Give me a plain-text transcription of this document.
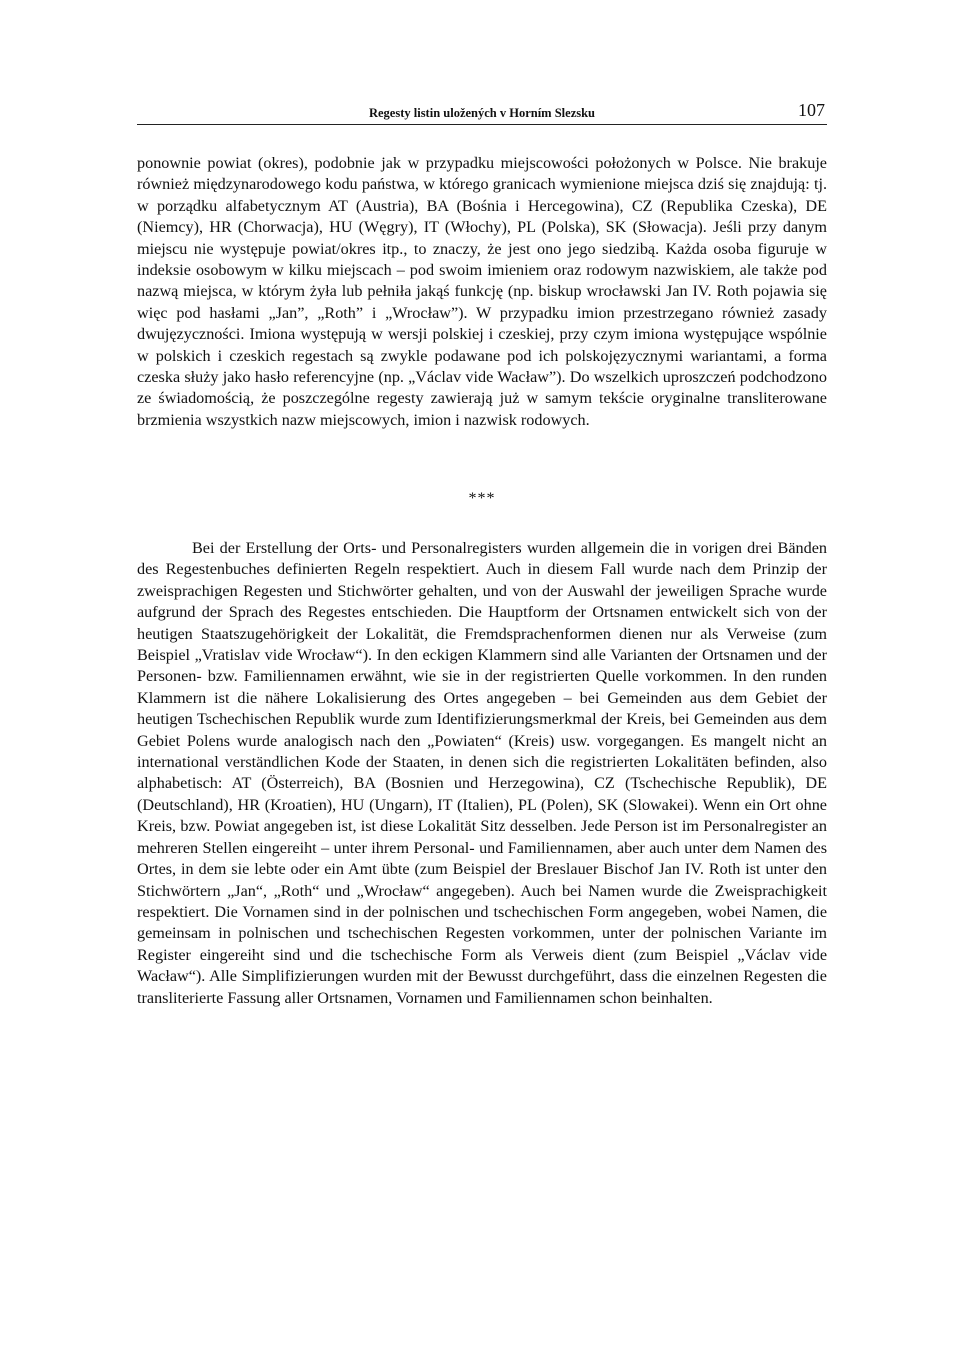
Regesty listin uložených v Horním Slezsku	107

ponownie powiat (okres), podobnie jak w przypadku miejscowości położonych w Polsce. Nie brakuje również międzynarodowego kodu państwa, w którego granicach wymienione miejsca dziś się znajdują: tj. w porządku alfabetycznym AT (Austria), BA (Bośnia i Hercegowina), CZ (Republika Czeska), DE (Niemcy), HR (Chorwacja), HU (Węgry), IT (Włochy), PL (Polska), SK (Słowacja). Jeśli przy danym miejscu nie występuje powiat/okres itp., to znaczy, że jest ono jego siedzibą. Każda osoba figuruje w indeksie osobowym w kilku miejscach – pod swoim imieniem oraz rodowym nazwiskiem, ale także pod nazwą miejsca, w którym żyła lub pełniła jakąś funkcję (np. biskup wrocławski Jan IV. Roth pojawia się więc pod hasłami „Jan”, „Roth” i „Wrocław”). W przypadku imion przestrzegano również zasady dwujęzyczności. Imiona występują w wersji polskiej i czeskiej, przy czym imiona występujące wspólnie w polskich i czeskich regestach są zwykle podawane pod ich polskojęzycznymi wariantami, a forma czeska służy jako hasło referencyjne (np. „Václav vide Wacław”). Do wszelkich uproszczeń podchodzono ze świadomością, że poszczególne regesty zawierają już w samym tekście oryginalne transliterowane brzmienia wszystkich nazw miejscowych, imion i nazwisk rodowych.

***

Bei der Erstellung der Orts- und Personalregisters wurden allgemein die in vorigen drei Bänden des Regestenbuches definierten Regeln respektiert. Auch in diesem Fall wurde nach dem Prinzip der zweisprachigen Regesten und Stichwörter gehalten, und von der Auswahl der jeweiligen Sprache wurde aufgrund der Sprach des Regestes entschieden. Die Hauptform der Ortsnamen entwickelt sich von der heutigen Staatszugehörigkeit der Lokalität, die Fremdsprachenformen dienen nur als Verweise (zum Beispiel „Vratislav vide Wrocław“). In den eckigen Klammern sind alle Varianten der Ortsnamen und der Personen- bzw. Familiennamen erwähnt, wie sie in der registrierten Quelle vorkommen. In den runden Klammern ist die nähere Lokalisierung des Ortes angegeben – bei Gemeinden aus dem Gebiet der heutigen Tschechischen Republik wurde zum Identifizierungsmerkmal der Kreis, bei Gemeinden aus dem Gebiet Polens wurde analogisch nach den „Powiaten“ (Kreis) usw. vorgegangen. Es mangelt nicht an international verständlichen Kode der Staaten, in denen sich die registrierten Lokalitäten befinden, also alphabetisch: AT (Österreich), BA (Bosnien und Herzegowina), CZ (Tschechische Republik), DE (Deutschland), HR (Kroatien), HU (Ungarn), IT (Italien), PL (Polen), SK (Slowakei). Wenn ein Ort ohne Kreis, bzw. Powiat angegeben ist, ist diese Lokalität Sitz desselben. Jede Person ist im Personalregister an mehreren Stellen eingereiht – unter ihrem Personal- und Familiennamen, aber auch unter dem Namen des Ortes, in dem sie lebte oder ein Amt übte (zum Beispiel der Breslauer Bischof Jan IV. Roth ist unter den Stichwörtern „Jan“, „Roth“ und „Wrocław“ angegeben). Auch bei Namen wurde die Zweisprachigkeit respektiert. Die Vornamen sind in der polnischen und tschechischen Form angegeben, wobei Namen, die gemeinsam in polnischen und tschechischen Regesten vorkommen, unter der polnischen Variante im Register eingereiht sind und die tschechische Form als Verweis dient (zum Beispiel „Václav vide Wacław“). Alle Simplifizierungen wurden mit der Bewusst durchgeführt, dass die einzelnen Regesten die transliterierte Fassung aller Ortsnamen, Vornamen und Familiennamen schon beinhalten.
